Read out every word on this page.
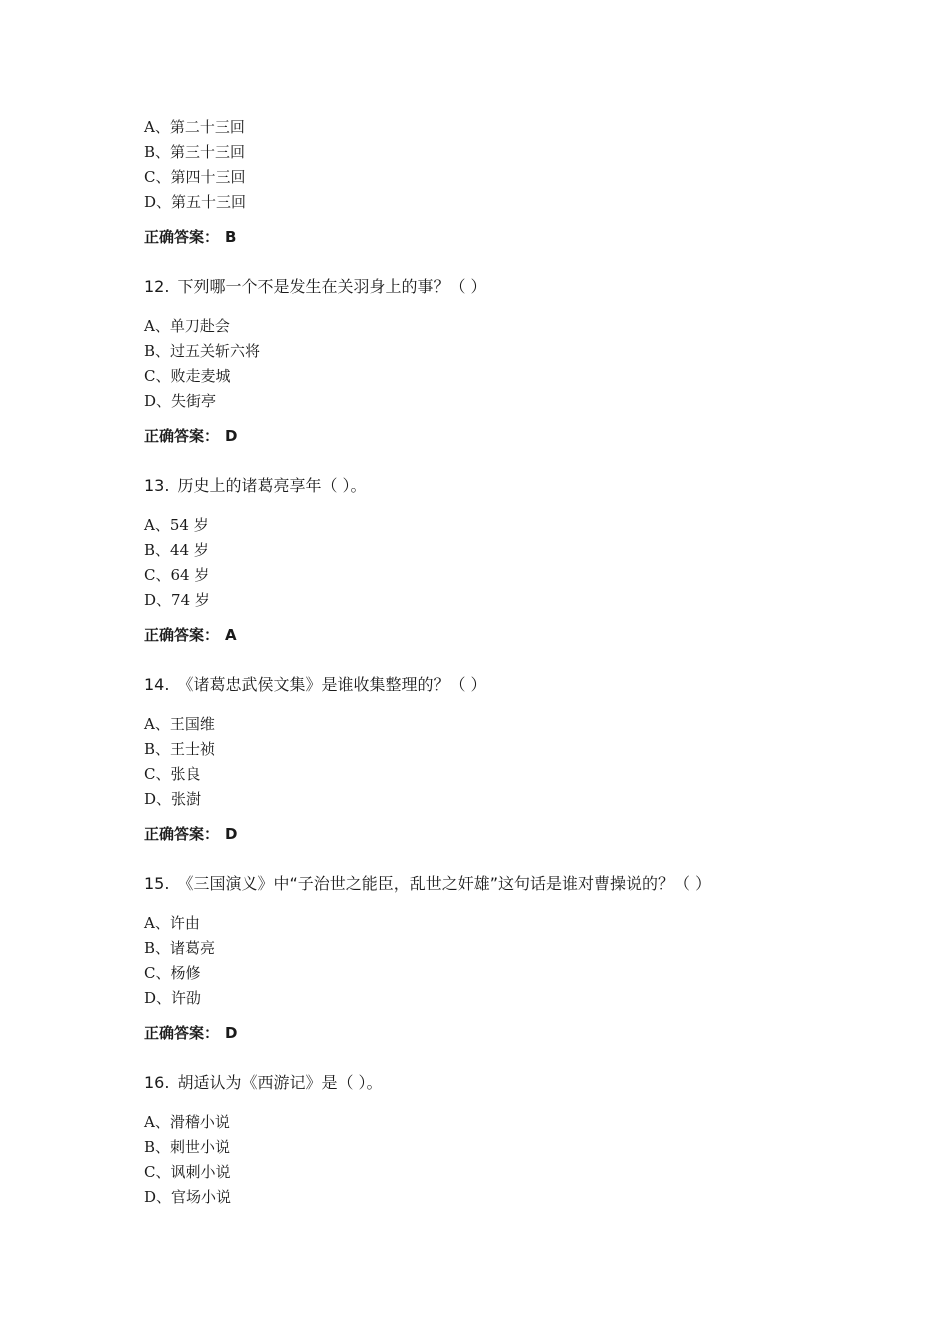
A、第二十三回
B、第三十三回
C、第四十三回
D、第五十三回
正确答案： B
12. 下列哪一个不是发生在关羽身上的事？（ ）
A、单刀赴会
B、过五关斩六将
C、败走麦城
D、失街亭
正确答案： D
13. 历史上的诸葛亮享年（ ）。
A、54 岁
B、44 岁
C、64 岁
D、74 岁
正确答案： A
14. 《诸葛忠武侯文集》是谁收集整理的？（ ）
A、王国维
B、王士祯
C、张良
D、张澍
正确答案： D
15. 《三国演义》中“子治世之能臣，乱世之奸雄”这句话是谁对曹操说的？（ ）
A、许由
B、诸葛亮
C、杨修
D、许劭
正确答案： D
16. 胡适认为《西游记》是（ ）。
A、滑稽小说
B、刺世小说
C、讽刺小说
D、官场小说
